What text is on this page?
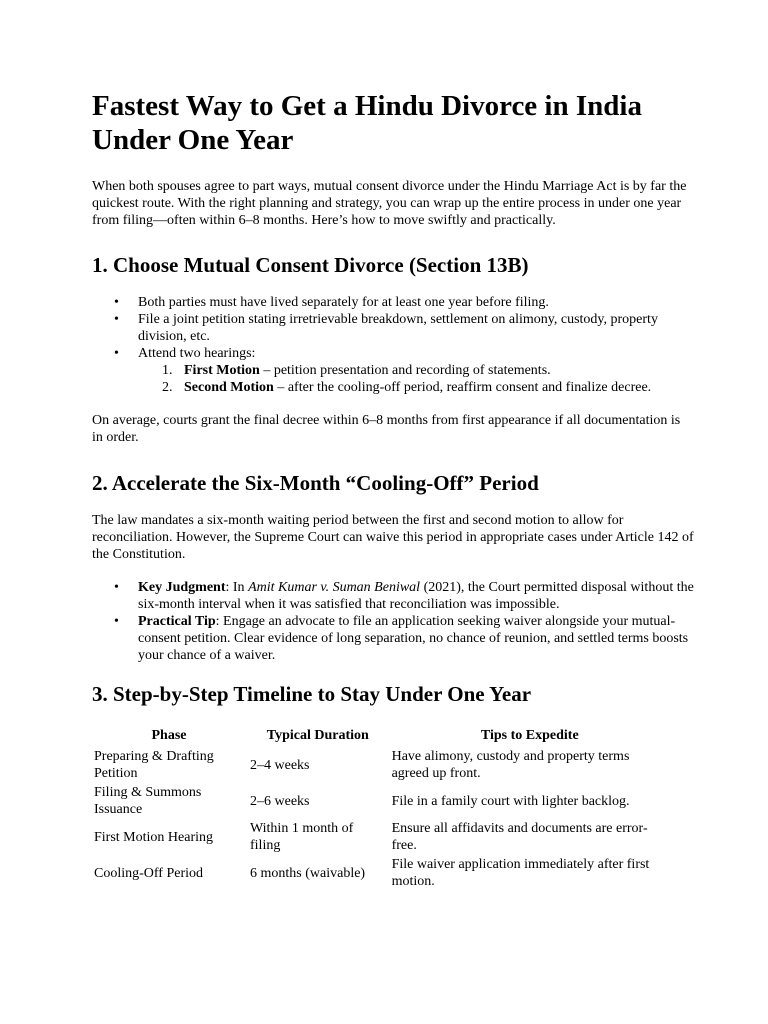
Fastest Way to Get a Hindu Divorce in India Under One Year

When both spouses agree to part ways, mutual consent divorce under the Hindu Marriage Act is by far the quickest route. With the right planning and strategy, you can wrap up the entire process in under one year from filing—often within 6–8 months. Here’s how to move swiftly and practically.

1. Choose Mutual Consent Divorce (Section 13B)
• Both parties must have lived separately for at least one year before filing.
• File a joint petition stating irretrievable breakdown, settlement on alimony, custody, property division, etc.
• Attend two hearings:
1. First Motion – petition presentation and recording of statements.
2. Second Motion – after the cooling-off period, reaffirm consent and finalize decree.

On average, courts grant the final decree within 6–8 months from first appearance if all documentation is in order.

2. Accelerate the Six-Month “Cooling-Off” Period

The law mandates a six-month waiting period between the first and second motion to allow for reconciliation. However, the Supreme Court can waive this period in appropriate cases under Article 142 of the Constitution.

• Key Judgment: In Amit Kumar v. Suman Beniwal (2021), the Court permitted disposal without the six-month interval when it was satisfied that reconciliation was impossible.
• Practical Tip: Engage an advocate to file an application seeking waiver alongside your mutual-consent petition. Clear evidence of long separation, no chance of reunion, and settled terms boosts your chance of a waiver.
3. Step-by-Step Timeline to Stay Under One Year
Phase	Typical Duration	Tips to Expedite
Preparing & Drafting Petition	2–4 weeks	Have alimony, custody and property terms agreed up front.
Filing & Summons Issuance	2–6 weeks	File in a family court with lighter backlog.
First Motion Hearing	Within 1 month of filing	Ensure all affidavits and documents are error-free.
Cooling-Off Period	6 months (waivable)	File waiver application immediately after first motion.
